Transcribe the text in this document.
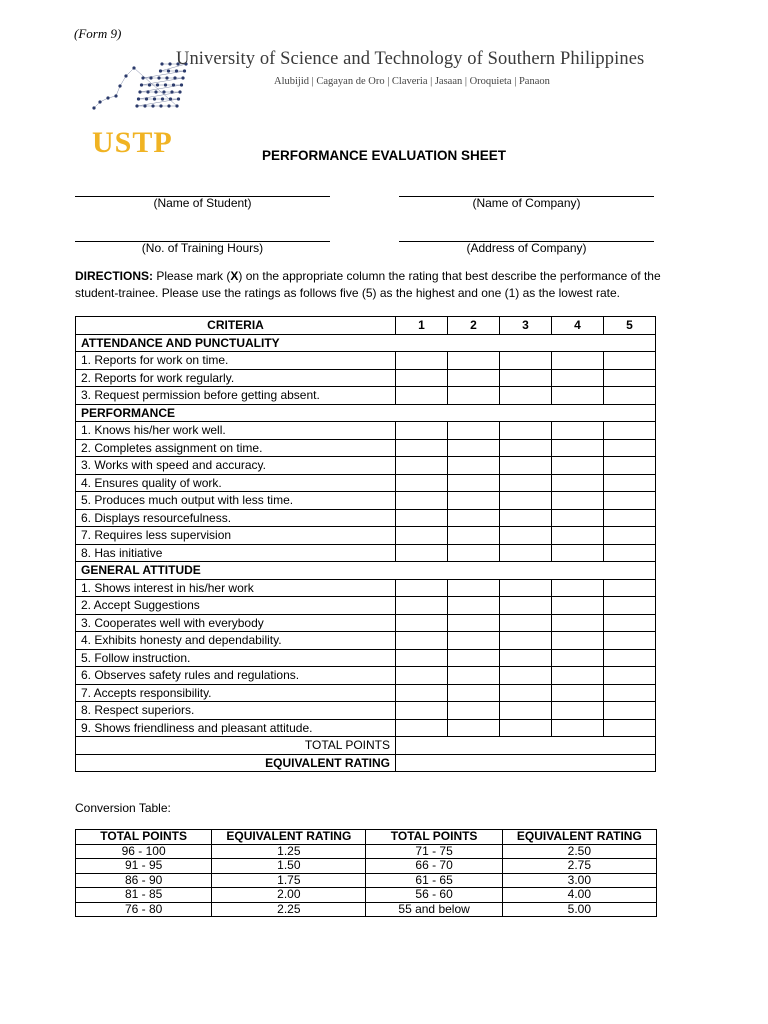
(Form 9)
USTP
University of Science and Technology of Southern Philippines
Alubijid | Cagayan de Oro | Claveria | Jasaan | Oroquieta | Panaon
PERFORMANCE EVALUATION SHEET
(Name of Student)	(Name of Company)
(No. of Training Hours)	(Address of Company)
DIRECTIONS: Please mark (X) on the appropriate column the rating that best describe the performance of the student-trainee. Please use the ratings as follows five (5) as the highest and one (1) as the lowest rate.
CRITERIA	1	2	3	4	5
ATTENDANCE AND PUNCTUALITY					
1. Reports for work on time.					
2. Reports for work regularly.					
3. Request permission before getting absent.					
PERFORMANCE					
1. Knows his/her work well.					
2. Completes assignment on time.					
3. Works with speed and accuracy.					
4. Ensures quality of work.					
5. Produces much output with less time.					
6. Displays resourcefulness.					
7. Requires less supervision					
8. Has initiative					
GENERAL ATTITUDE					
1. Shows interest in his/her work					
2. Accept Suggestions					
3. Cooperates well with everybody					
4. Exhibits honesty and dependability.					
5. Follow instruction.					
6. Observes safety rules and regulations.					
7. Accepts responsibility.					
8. Respect superiors.					
9. Shows friendliness and pleasant attitude.					
TOTAL POINTS					
EQUIVALENT RATING					
Conversion Table:
TOTAL POINTS	EQUIVALENT RATING	TOTAL POINTS	EQUIVALENT RATING
96 - 100	1.25	71 - 75	2.50
91 - 95	1.50	66 - 70	2.75
86 - 90	1.75	61 - 65	3.00
81 - 85	2.00	56 - 60	4.00
76 - 80	2.25	55 and below	5.00
